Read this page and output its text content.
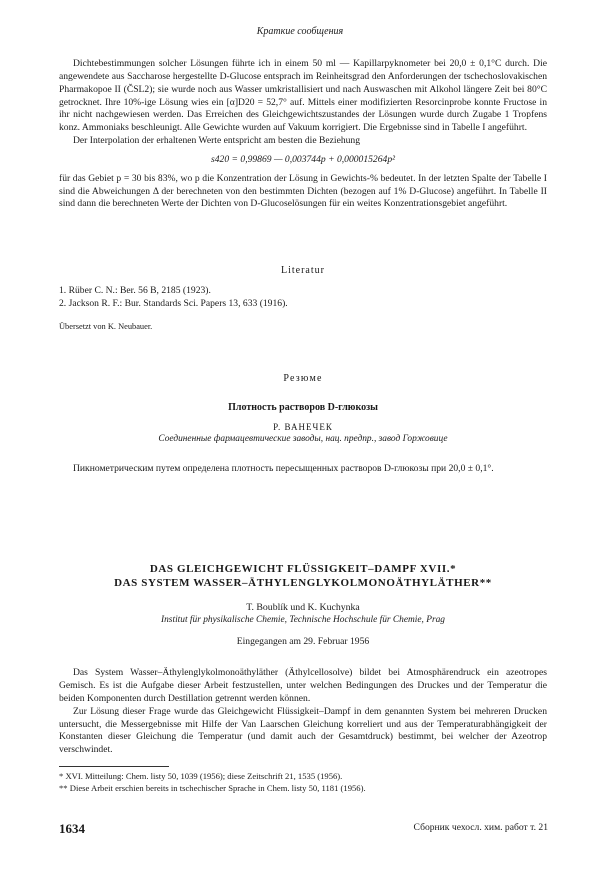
Краткие сообщения

Dichtebestimmungen solcher Lösungen führte ich in einem 50 ml — Kapillarpyknometer bei 20,0 ± 0,1°C durch. Die angewendete aus Saccharose hergestellte D-Glucose entsprach im Reinheitsgrad den Anforderungen der tschechoslovakischen Pharmakopoe II (ČSL2); sie wurde noch aus Wasser umkristallisiert und nach Auswaschen mit Alkohol längere Zeit bei 80°C getrocknet. Ihre 10%-ige Lösung wies ein [α]D20 = 52,7° auf. Mittels einer modifizierten Resorcinprobe konnte Fructose in ihr nicht nachgewiesen werden. Das Erreichen des Gleichgewichtszustandes der Lösungen wurde durch Zugabe 1 Tropfens konz. Ammoniaks beschleunigt. Alle Gewichte wurden auf Vakuum korrigiert. Die Ergebnisse sind in Tabelle I angeführt.

Der Interpolation der erhaltenen Werte entspricht am besten die Beziehung

s420 = 0,99869 — 0,003744p + 0,000015264p²

für das Gebiet p = 30 bis 83%, wo p die Konzentration der Lösung in Gewichts-% bedeutet. In der letzten Spalte der Tabelle I sind die Abweichungen Δ der berechneten von den bestimmten Dichten (bezogen auf 1% D-Glucose) angeführt. In Tabelle II sind dann die berechneten Werte der Dichten von D-Glucoselösungen für ein weites Konzentrationsgebiet angeführt.

Literatur

1. Rüber C. N.: Ber. 56 B, 2185 (1923).

2. Jackson R. F.: Bur. Standards Sci. Papers 13, 633 (1916).

Übersetzt von K. Neubauer.

Резюме
Плотность растворов D-глюкозы
Р. ВАНЕЧЕК
Соединенные фармацевтические заводы, нац. предпр., завод Горжовице

Пикнометрическим путем определена плотность пересыщенных растворов D-глюкозы при 20,0 ± 0,1°.

DAS GLEICHGEWICHT FLÜSSIGKEIT–DAMPF XVII.*
DAS SYSTEM WASSER–ÄTHYLENGLYKOLMONOÄTHYLÄTHER**
T. Boublík und K. Kuchynka
Institut für physikalische Chemie, Technische Hochschule für Chemie, Prag
Eingegangen am 29. Februar 1956

Das System Wasser–Äthylenglykolmonoäthyläther (Äthylcellosolve) bildet bei Atmosphärendruck ein azeotropes Gemisch. Es ist die Aufgabe dieser Arbeit festzustellen, unter welchen Bedingungen des Druckes und der Temperatur die beiden Komponenten durch Destillation getrennt werden können.

Zur Lösung dieser Frage wurde das Gleichgewicht Flüssigkeit–Dampf in dem genannten System bei mehreren Drucken untersucht, die Messergebnisse mit Hilfe der Van Laarschen Gleichung korreliert und aus der Temperaturabhängigkeit der Konstanten dieser Gleichung die Temperatur (und damit auch der Gesamtdruck) bestimmt, bei welcher der Azeotrop verschwindet.

* XVI. Mitteilung: Chem. listy 50, 1039 (1956); diese Zeitschrift 21, 1535 (1956).

** Diese Arbeit erschien bereits in tschechischer Sprache in Chem. listy 50, 1181 (1956).

1634	Сборник чехосл. хим. работ т. 21
